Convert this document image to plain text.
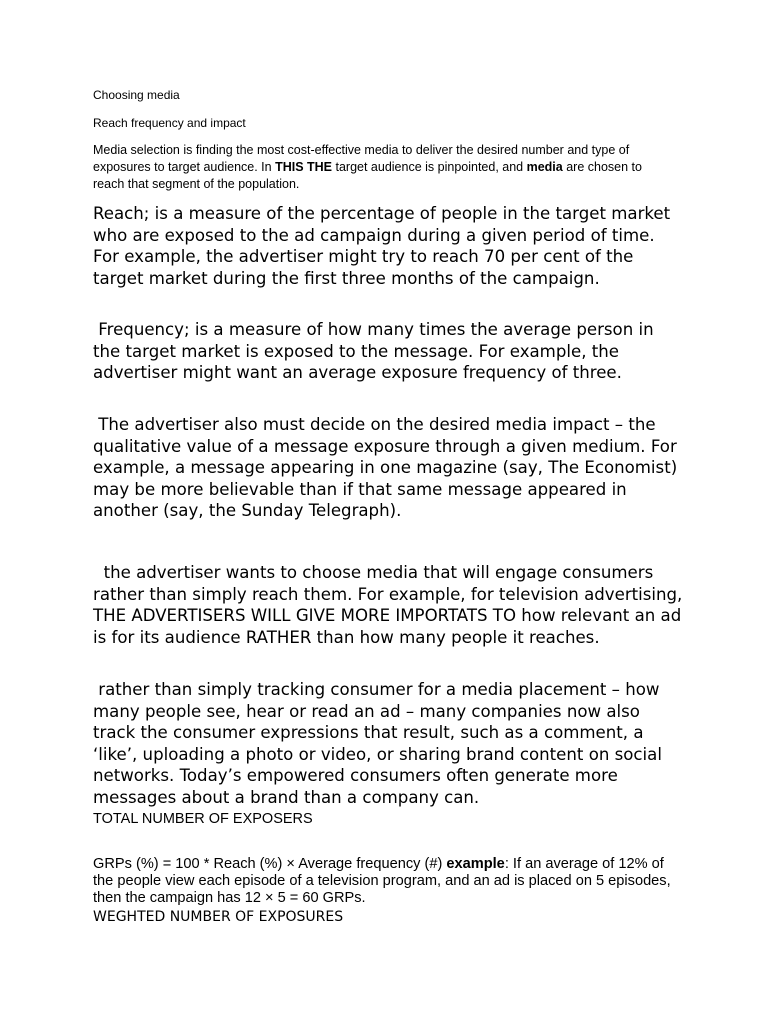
Choosing media

Reach frequency and impact

Media selection is finding the most cost-effective media to deliver the desired number and type of exposures to target audience. In THIS THE target audience is pinpointed, and media are chosen to reach that segment of the population.

Reach; is a measure of the percentage of people in the target market who are exposed to the ad campaign during a given period of time. For example, the advertiser might try to reach 70 per cent of the target market during the first three months of the campaign.

Frequency; is a measure of how many times the average person in the target market is exposed to the message. For example, the advertiser might want an average exposure frequency of three.

The advertiser also must decide on the desired media impact – the qualitative value of a message exposure through a given medium. For example, a message appearing in one magazine (say, The Economist) may be more believable than if that same message appeared in another (say, the Sunday Telegraph).

the advertiser wants to choose media that will engage consumers rather than simply reach them. For example, for television advertising, THE ADVERTISERS WILL GIVE MORE IMPORTATS TO how relevant an ad is for its audience RATHER than how many people it reaches.

rather than simply tracking consumer for a media placement – how many people see, hear or read an ad – many companies now also track the consumer expressions that result, such as a comment, a ‘like’, uploading a photo or video, or sharing brand content on social networks. Today’s empowered consumers often generate more messages about a brand than a company can.

TOTAL NUMBER OF EXPOSERS

GRPs (%) = 100 * Reach (%) × Average frequency (#) example: If an average of 12% of the people view each episode of a television program, and an ad is placed on 5 episodes, then the campaign has 12 × 5 = 60 GRPs.

WEGHTED NUMBER OF EXPOSURES
